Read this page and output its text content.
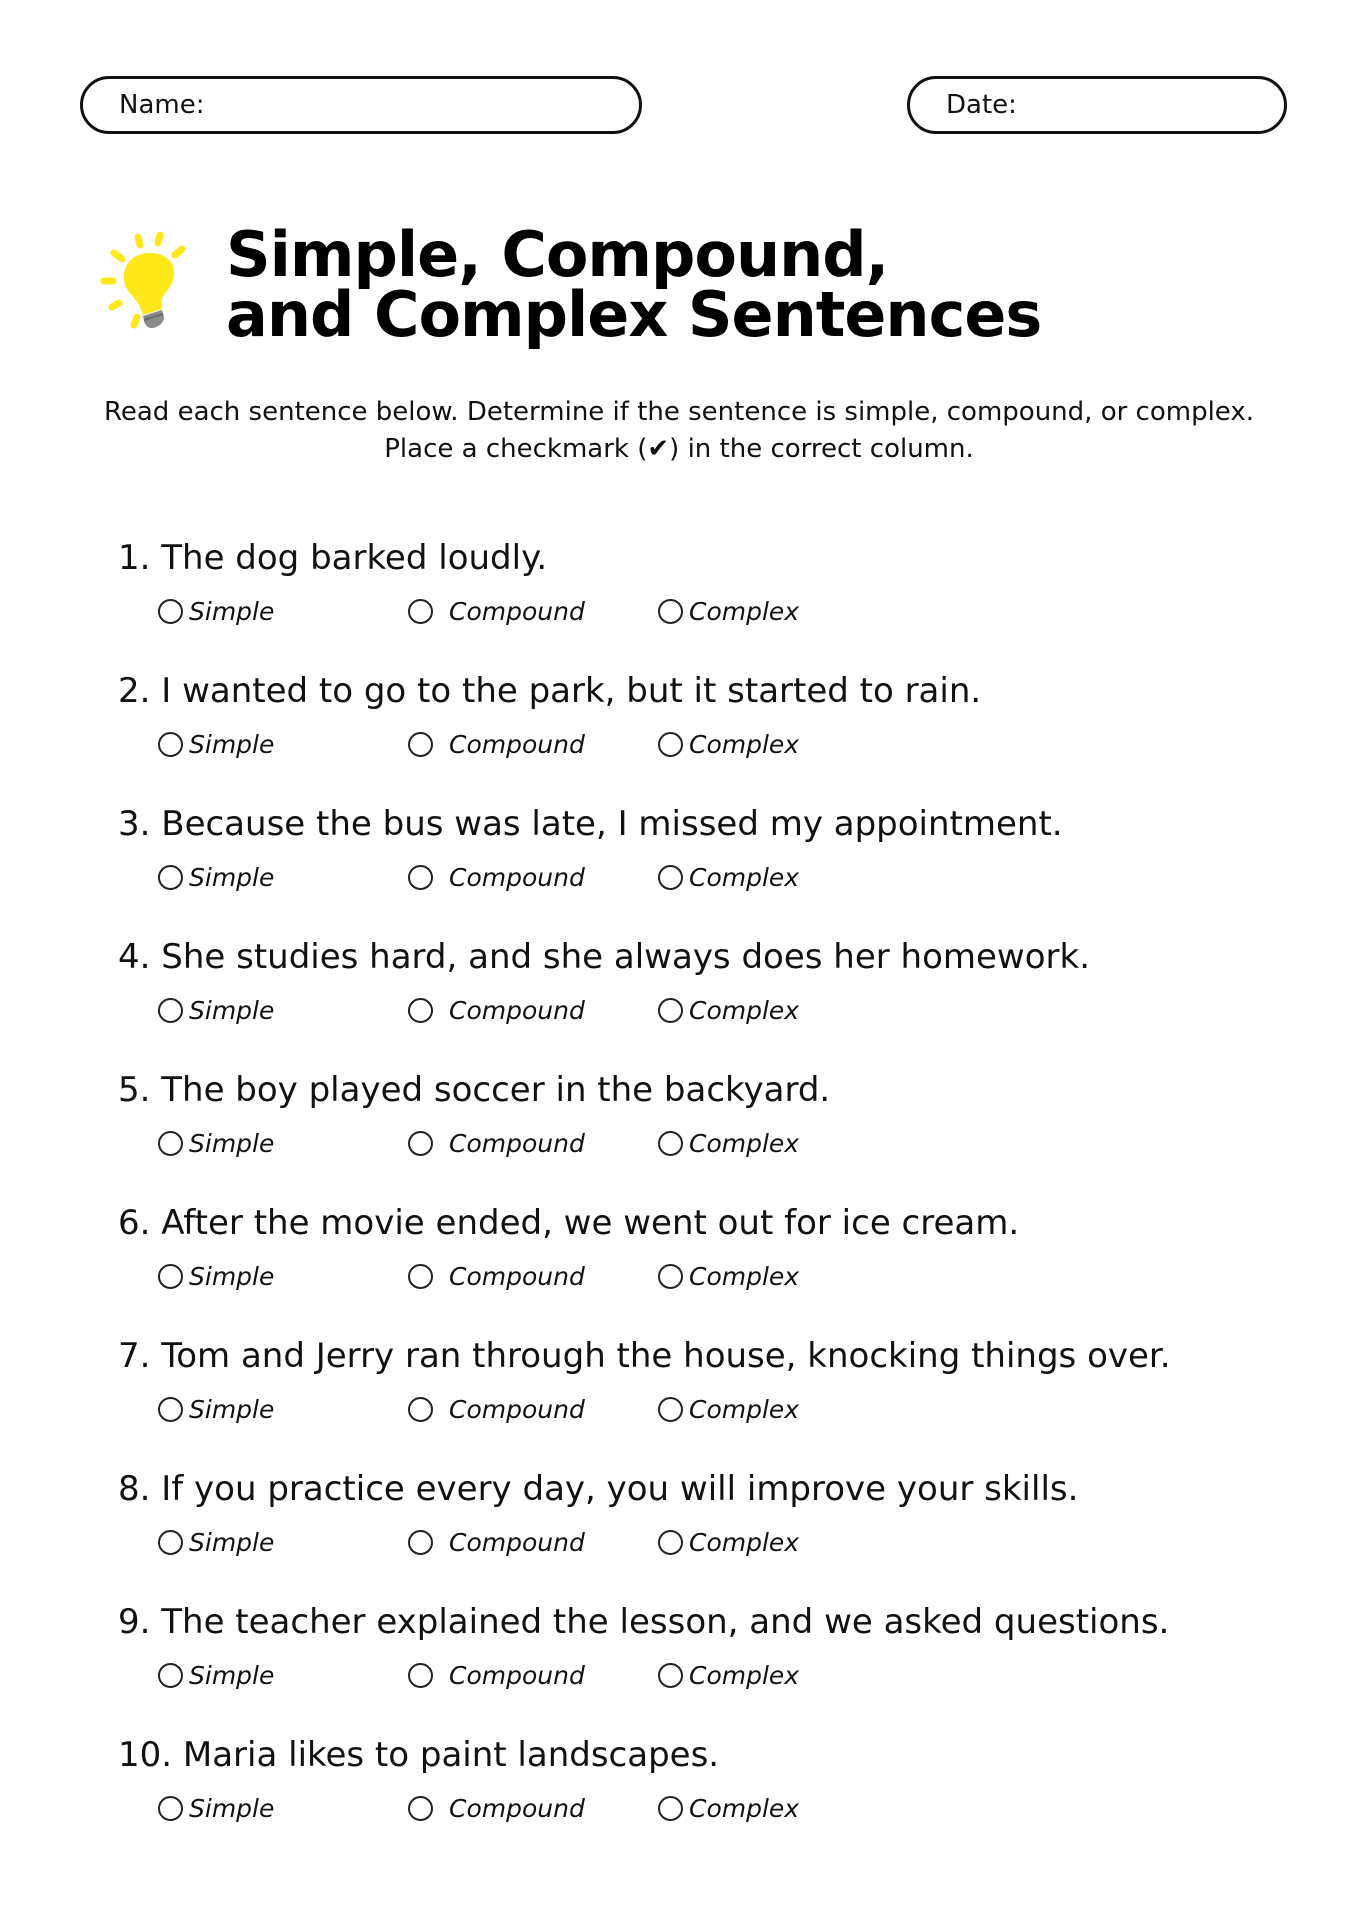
Name:	Date:
Simple, Compound,
and Complex Sentences
Read each sentence below. Determine if the sentence is simple, compound, or complex.
Place a checkmark (✔) in the correct column.
1. The dog barked loudly.
Simple	Compound	Complex
2. I wanted to go to the park, but it started to rain.
Simple	Compound	Complex
3. Because the bus was late, I missed my appointment.
Simple	Compound	Complex
4. She studies hard, and she always does her homework.
Simple	Compound	Complex
5. The boy played soccer in the backyard.
Simple	Compound	Complex
6. After the movie ended, we went out for ice cream.
Simple	Compound	Complex
7. Tom and Jerry ran through the house, knocking things over.
Simple	Compound	Complex
8. If you practice every day, you will improve your skills.
Simple	Compound	Complex
9. The teacher explained the lesson, and we asked questions.
Simple	Compound	Complex
10. Maria likes to paint landscapes.
Simple	Compound	Complex
